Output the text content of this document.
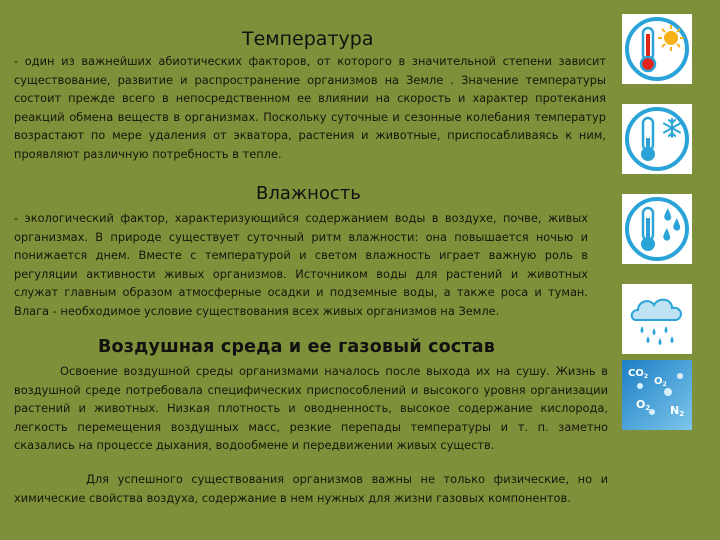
Температура
- один из важнейших абиотических факторов, от которого в значительной степени зависит существование, развитие и распространение организмов на Земле . Значение температуры состоит прежде всего в непосредственном ее влиянии на скорость и характер протекания реакций обмена веществ в организмах. Поскольку суточные и сезонные колебания температур возрастают по мере удаления от экватора, растения и животные, приспосабливаясь к ним, проявляют различную потребность в тепле.
Влажность
- экологический фактор, характеризующийся содержанием воды в воздухе, почве, живых организмах. В природе существует суточный ритм влажности: она повышается ночью и понижается днем. Вместе с температурой и светом влажность играет важную роль в регуляции активности живых организмов. Источником воды для растений и животных служат главным образом атмосферные осадки и подземные воды, а также роса и туман. Влага - необходимое условие существования всех живых организмов на Земле.
Воздушная среда и ее газовый состав
Освоение воздушной среды организмами началось после выхода их на сушу. Жизнь в воздушной среде потребовала специфических приспособлений и высокого уровня организации растений и животных. Низкая плотность и оводненность, высокое содержание кислорода, легкость перемещения воздушных масс, резкие перепады температуры и т. п. заметно сказались на процессе дыхания, водообмене и передвижении живых существ.
Для успешного существования организмов важны не только физические, но и химические свойства воздуха, содержание в нем нужных для жизни газовых компонентов.
$CO_2$ $O_2$
N2
O2
